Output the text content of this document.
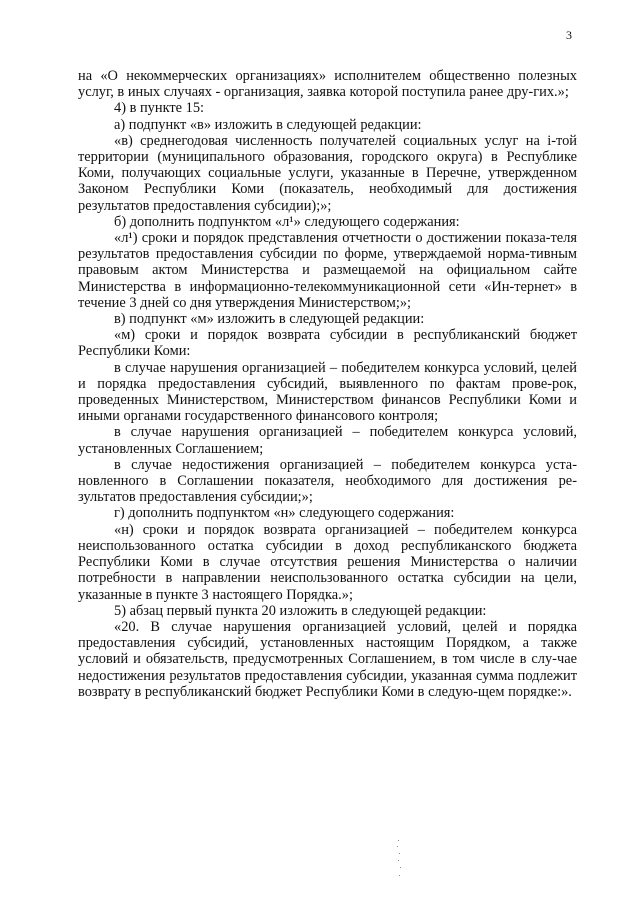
3

на «О некоммерческих организациях» исполнителем общественно полезных услуг, в иных случаях - организация, заявка которой поступила ранее дру-гих.»;

4) в пункте 15:

а) подпункт «в» изложить в следующей редакции:

«в) среднегодовая численность получателей социальных услуг на i-той территории (муниципального образования, городского округа) в Республике Коми, получающих социальные услуги, указанные в Перечне, утвержденном Законом Республики Коми (показатель, необходимый для достижения результатов предоставления субсидии);»;

б) дополнить подпунктом «л¹» следующего содержания:

«л¹) сроки и порядок представления отчетности о достижении показа-теля результатов предоставления субсидии по форме, утверждаемой норма-тивным правовым актом Министерства и размещаемой на официальном сайте Министерства в информационно-телекоммуникационной сети «Ин-тернет» в течение 3 дней со дня утверждения Министерством;»;

в) подпункт «м» изложить в следующей редакции:

«м) сроки и порядок возврата субсидии в республиканский бюджет Республики Коми:

в случае нарушения организацией – победителем конкурса условий, целей и порядка предоставления субсидий, выявленного по фактам прове-рок, проведенных Министерством, Министерством финансов Республики Коми и иными органами государственного финансового контроля;

в случае нарушения организацией – победителем конкурса условий, установленных Соглашением;

в случае недостижения организацией – победителем конкурса уста-новленного в Соглашении показателя, необходимого для достижения ре-зультатов предоставления субсидии;»;

г) дополнить подпунктом «н» следующего содержания:

«н) сроки и порядок возврата организацией – победителем конкурса неиспользованного остатка субсидии в доход республиканского бюджета Республики Коми в случае отсутствия решения Министерства о наличии потребности в направлении неиспользованного остатка субсидии на цели, указанные в пункте 3 настоящего Порядка.»;

5) абзац первый пункта 20 изложить в следующей редакции:

«20. В случае нарушения организацией условий, целей и порядка предоставления субсидий, установленных настоящим Порядком, а также условий и обязательств, предусмотренных Соглашением, в том числе в слу-чае недостижения результатов предоставления субсидии, указанная сумма подлежит возврату в республиканский бюджет Республики Коми в следую-щем порядке:».
